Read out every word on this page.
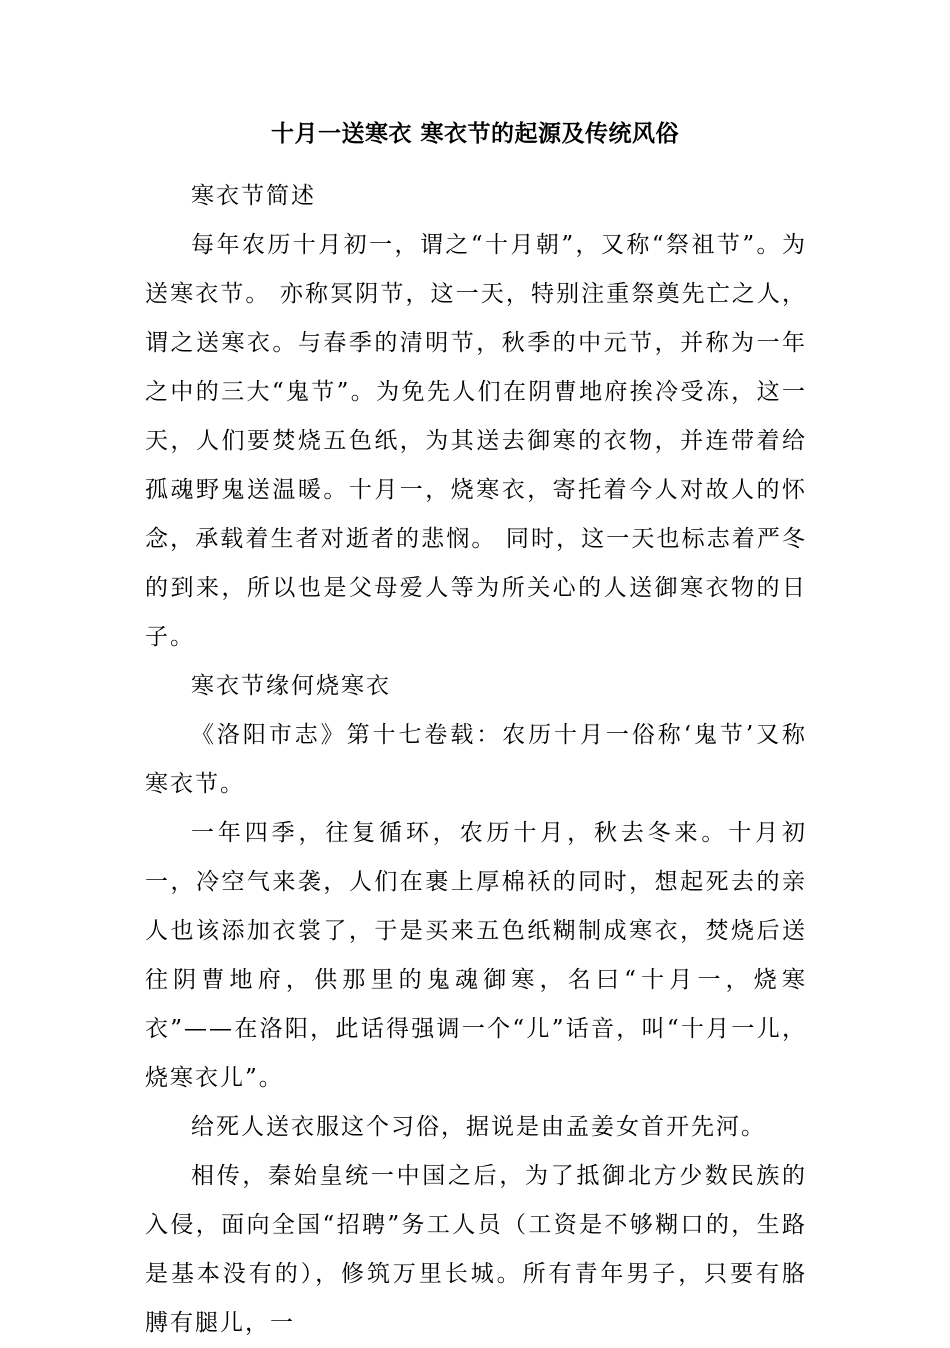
十月一送寒衣 寒衣节的起源及传统风俗

寒衣节简述

每年农历十月初一，谓之“十月朝”，又称“祭祖节”。为送寒衣节。 亦称冥阴节，这一天，特别注重祭奠先亡之人，谓之送寒衣。与春季的清明节，秋季的中元节，并称为一年之中的三大“鬼节”。为免先人们在阴曹地府挨冷受冻，这一天，人们要焚烧五色纸，为其送去御寒的衣物，并连带着给孤魂野鬼送温暖。十月一，烧寒衣，寄托着今人对故人的怀念，承载着生者对逝者的悲悯。 同时，这一天也标志着严冬的到来，所以也是父母爱人等为所关心的人送御寒衣物的日子。

寒衣节缘何烧寒衣

《洛阳市志》第十七卷载：农历十月一俗称‘鬼节’又称寒衣节。

一年四季，往复循环，农历十月，秋去冬来。十月初一，冷空气来袭，人们在裹上厚棉袄的同时，想起死去的亲人也该添加衣裳了，于是买来五色纸糊制成寒衣，焚烧后送往阴曹地府，供那里的鬼魂御寒，名曰“十月一，烧寒衣”——在洛阳，此话得强调一个“儿”话音，叫“十月一儿，烧寒衣儿”。

给死人送衣服这个习俗，据说是由孟姜女首开先河。

相传，秦始皇统一中国之后，为了抵御北方少数民族的入侵，面向全国“招聘”务工人员（工资是不够糊口的，生路是基本没有的），修筑万里长城。所有青年男子，只要有胳膊有腿儿，一
